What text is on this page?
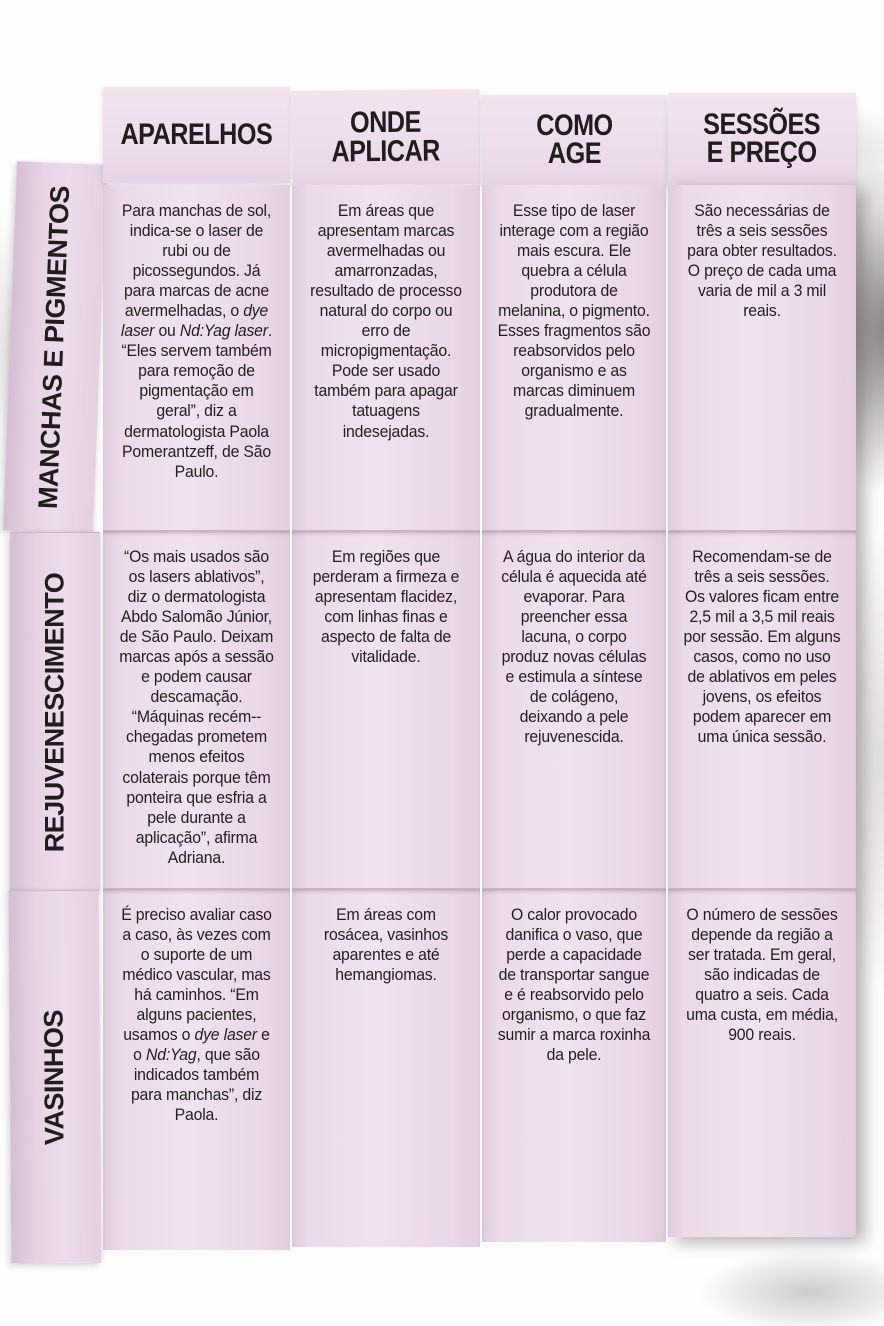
MANCHAS E PIGMENTOS
REJUVENESCIMENTO
VASINHOS
APARELHOS
Para manchas de sol, indica-se o laser de rubi ou de picossegundos. Já para marcas de acne avermelhadas, o dye laser ou Nd:Yag laser. “Eles servem também para remoção de pigmentação em geral”, diz a dermatologista Paola Pomerantzeff, de São Paulo.
“Os mais usados são os lasers ablativos”, diz o dermatologista Abdo Salomão Júnior, de São Paulo. Deixam marcas após a sessão e podem causar descamação. “Máquinas recém--chegadas prometem menos efeitos colaterais porque têm ponteira que esfria a pele durante a aplicação”, afirma Adriana.
É preciso avaliar caso a caso, às vezes com o suporte de um médico vascular, mas há caminhos. “Em alguns pacientes, usamos o dye laser e o Nd:Yag, que são indicados também para manchas”, diz Paola.
ONDE
APLICAR
Em áreas que apresentam marcas avermelhadas ou amarronzadas, resultado de processo natural do corpo ou erro de micropigmentação. Pode ser usado também para apagar tatuagens indesejadas.
Em regiões que perderam a firmeza e apresentam flacidez, com linhas finas e aspecto de falta de vitalidade.
Em áreas com rosácea, vasinhos aparentes e até hemangiomas.
COMO
AGE
Esse tipo de laser interage com a região mais escura. Ele quebra a célula produtora de melanina, o pigmento. Esses fragmentos são reabsorvidos pelo organismo e as marcas diminuem gradualmente.
A água do interior da célula é aquecida até evaporar. Para preencher essa lacuna, o corpo produz novas células e estimula a síntese de colágeno, deixando a pele rejuvenescida.
O calor provocado danifica o vaso, que perde a capacidade de transportar sangue e é reabsorvido pelo organismo, o que faz sumir a marca roxinha da pele.
SESSÕES
E PREÇO
São necessárias de três a seis sessões para obter resultados. O preço de cada uma varia de mil a 3 mil reais.
Recomendam-se de três a seis sessões. Os valores ficam entre 2,5 mil a 3,5 mil reais por sessão. Em alguns casos, como no uso de ablativos em peles jovens, os efeitos podem aparecer em uma única sessão.
O número de sessões depende da região a ser tratada. Em geral, são indicadas de quatro a seis. Cada uma custa, em média, 900 reais.
